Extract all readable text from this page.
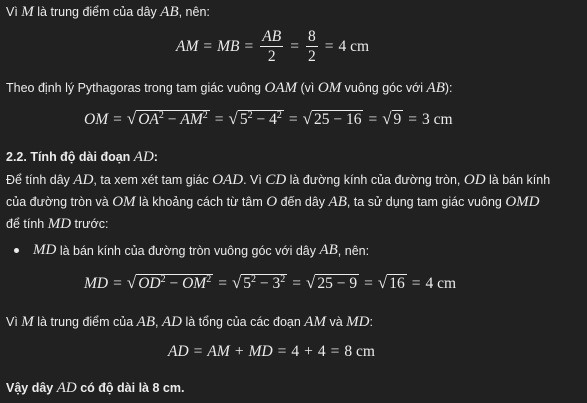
Vì M là trung điểm của dây AB, nên:
AM = MB = $\frac{AB}{2} = \frac{8}{2} = 4$ cm
Theo định lý Pythagoras trong tam giác vuông OAM (vì OM vuông góc với AB):
OM = √ $OA^2 - AM^2$ = √ $5^2 - 4^2$ = √ 25 − 16 = √ 9 = 3 cm
2.2. Tính độ dài đoạn AD:
Để tính dây AD, ta xem xét tam giác OAD. Vì CD là đường kính của đường tròn, OD là bán kính
của đường tròn và OM là khoảng cách từ tâm O đến dây AB, ta sử dụng tam giác vuông OMD
để tính MD trước:
MD
là bán kính của đường tròn vuông góc với dây
AB , nên:
MD = √ $OD^2 - OM^2$ = √ $5^2 - 3^2$ = √ 25 − 9 = √ 16 = 4 cm
Vì M là trung điểm của AB, AD là tổng của các đoạn AM và MD:
AD = AM + MD = 4 + 4 = 8 cm
Vậy dây AD có độ dài là 8 cm.
